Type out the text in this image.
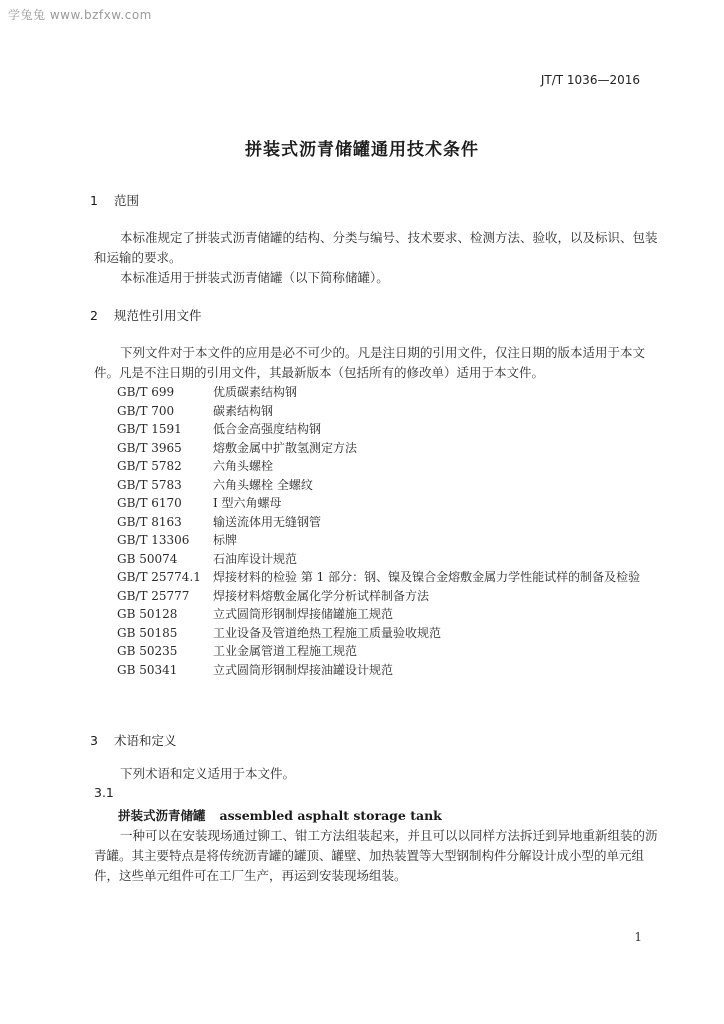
学兔兔 www.bzfxw.com
JT/T 1036—2016
拼装式沥青储罐通用技术条件
1 范围

本标准规定了拼装式沥青储罐的结构、分类与编号、技术要求、检测方法、验收，以及标识、包装和运输的要求。

本标准适用于拼装式沥青储罐（以下简称储罐）。

2 规范性引用文件

下列文件对于本文件的应用是必不可少的。凡是注日期的引用文件，仅注日期的版本适用于本文件。凡是不注日期的引用文件，其最新版本（包括所有的修改单）适用于本文件。

GB/T 699	优质碳素结构钢
GB/T 700	碳素结构钢
GB/T 1591	低合金高强度结构钢
GB/T 3965	熔敷金属中扩散氢测定方法
GB/T 5782	六角头螺栓
GB/T 5783	六角头螺栓 全螺纹
GB/T 6170	I 型六角螺母
GB/T 8163	输送流体用无缝钢管
GB/T 13306	标牌
GB 50074	石油库设计规范
GB/T 25774.1	焊接材料的检验 第 1 部分：钢、镍及镍合金熔敷金属力学性能试样的制备及检验
GB/T 25777	焊接材料熔敷金属化学分析试样制备方法
GB 50128	立式圆筒形钢制焊接储罐施工规范
GB 50185	工业设备及管道绝热工程施工质量验收规范
GB 50235	工业金属管道工程施工规范
GB 50341	立式圆筒形钢制焊接油罐设计规范
3 术语和定义

下列术语和定义适用于本文件。

3.1
拼装式沥青储罐 assembled asphalt storage tank

一种可以在安装现场通过铆工、钳工方法组装起来，并且可以以同样方法拆迁到异地重新组装的沥青罐。其主要特点是将传统沥青罐的罐顶、罐壁、加热装置等大型钢制构件分解设计成小型的单元组件，这些单元组件可在工厂生产，再运到安装现场组装。

1
